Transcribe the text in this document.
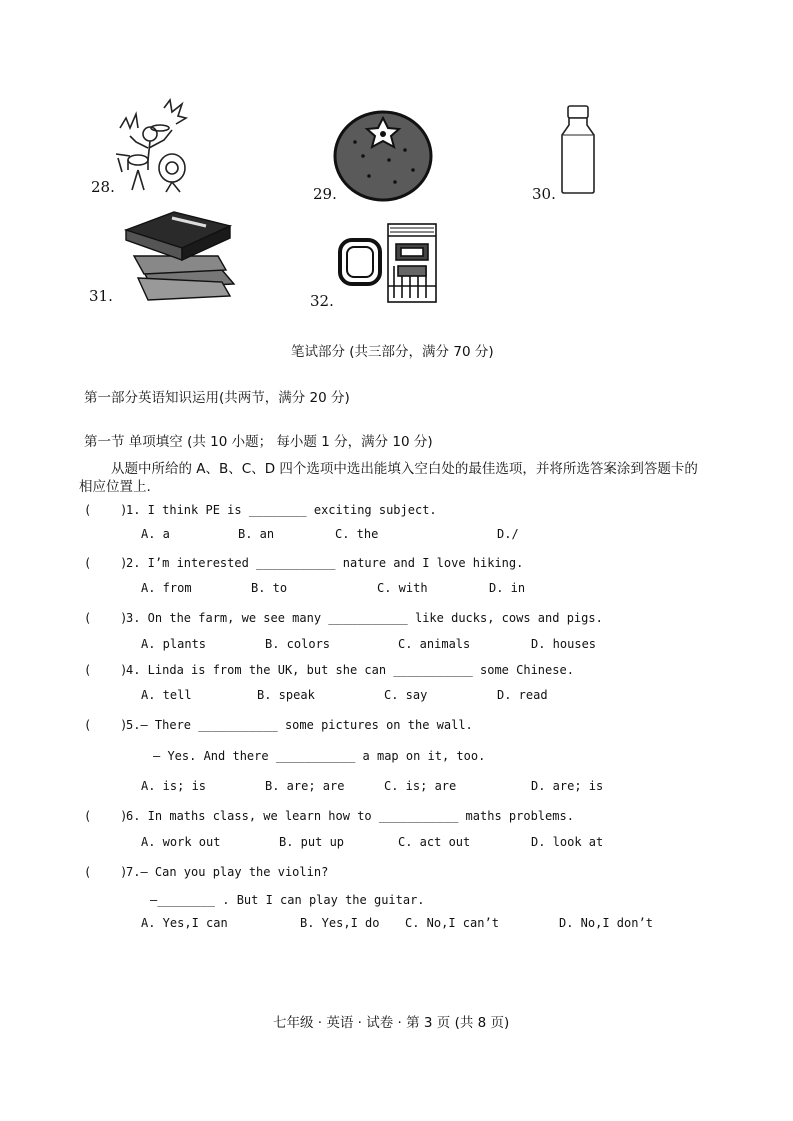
28.	29.	30.
31.	32.
笔试部分 (共三部分，满分 70 分)
第一部分英语知识运用(共两节，满分 20 分)
第一节 单项填空 (共 10 小题； 每小题 1 分，满分 10 分)
从题中所给的 A、B、C、D 四个选项中选出能填入空白处的最佳选项，并将所选答案涂到答题卡的
相应位置上.
(    )
1. I think PE is ________ exciting subject.
A. a	B. an	C. the	D./
(    )
2. I’m interested ___________ nature and I love hiking.
A. from	B. to	C. with	D. in
(    )
3. On the farm, we see many ___________ like ducks, cows and pigs.
A. plants	B. colors	C. animals	D. houses
(    )
4. Linda is from the UK, but she can ___________ some Chinese.
A. tell	B. speak	C. say	D. read
(    )
5.— There ___________ some pictures on the wall.
— Yes. And there ___________ a map on it, too.
A. is; is	B. are; are	C. is; are	D. are; is
(    )
6. In maths class, we learn how to ___________ maths problems.
A. work out	B. put up	C. act out	D. look at
(    )
7.— Can you play the violin?
—________ . But I can play the guitar.
A. Yes,I can	B. Yes,I do C. No,I can’t	D. No,I don’t
七年级 · 英语 · 试卷 · 第 3 页 (共 8 页)
